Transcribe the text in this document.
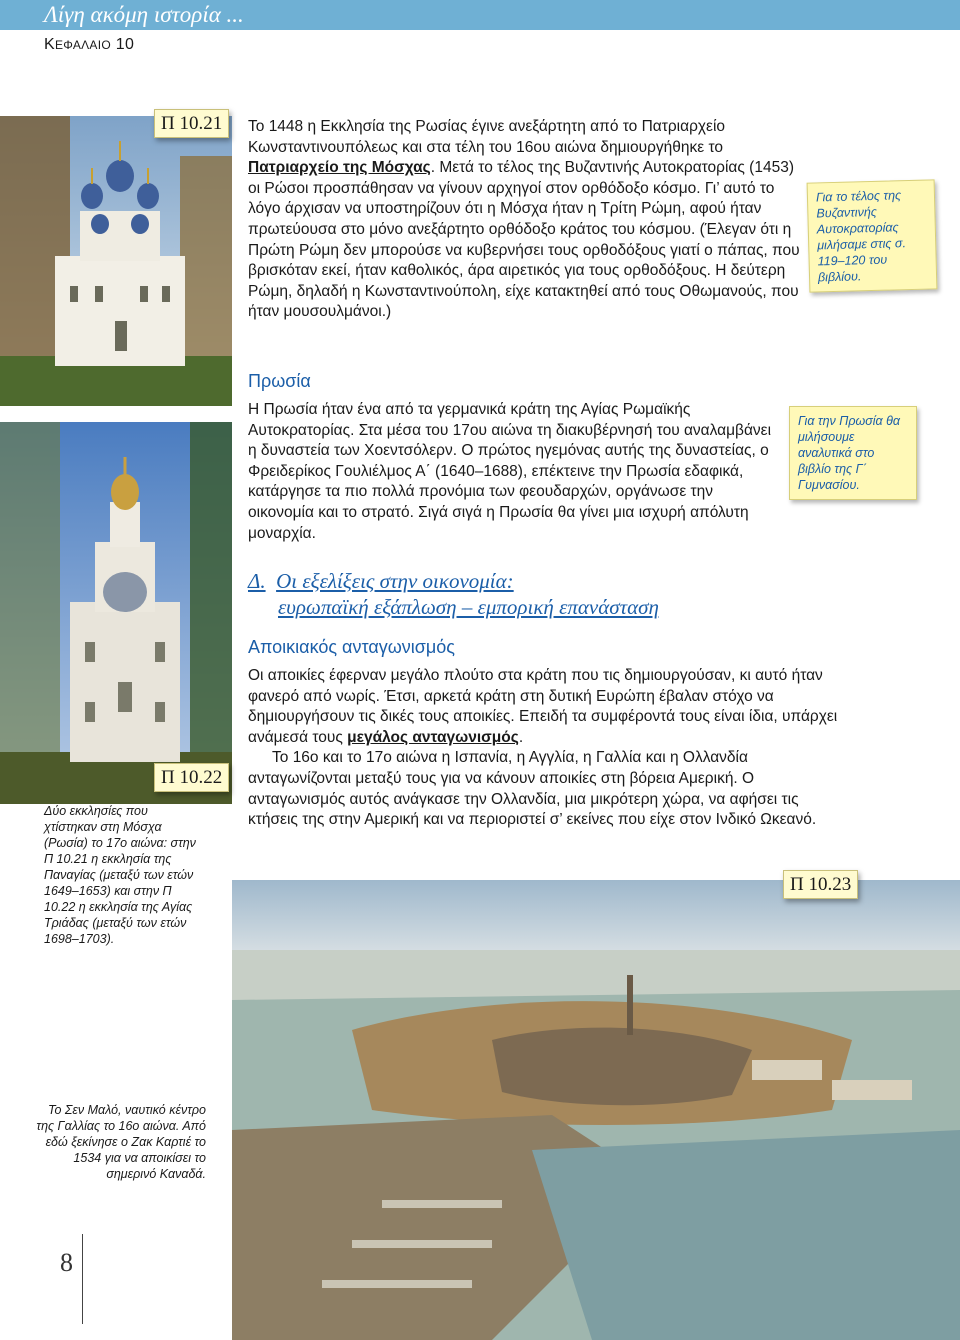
Λίγη ακόμη ιστορία ...
ΚΕΦΑΛΑΙΟ 10
Π 10.21
Π 10.22
Π 10.23
Το 1448 η Εκκλησία της Ρωσίας έγινε ανεξάρτητη από το Πατριαρχείο Κωνσταντινουπόλεως και στα τέλη του 16ου αιώνα δημιουργήθηκε το Πατριαρχείο της Μόσχας. Μετά το τέλος της Βυζαντινής Αυτοκρατορίας (1453) οι Ρώσοι προσπάθησαν να γίνουν αρχηγοί στον ορθόδοξο κόσμο. Γι’ αυτό το λόγο άρχισαν να υποστηρίζουν ότι η Μόσχα ήταν η Τρίτη Ρώμη, αφού ήταν πρωτεύουσα στο μόνο ανεξάρτητο ορθόδοξο κράτος του κόσμου. (Έλεγαν ότι η Πρώτη Ρώμη δεν μπορούσε να κυβερνήσει τους ορθοδόξους γιατί ο πάπας, που βρισκόταν εκεί, ήταν καθολικός, άρα αιρετικός για τους ορθοδόξους. Η δεύτερη Ρώμη, δηλαδή η Κωνσταντινούπολη, είχε κατακτηθεί από τους Οθωμανούς, που ήταν μουσουλμάνοι.)
Για το τέλος της Βυζαντινής Αυτοκρατορίας μιλήσαμε στις σ. 119–120 του βιβλίου.
Πρωσία
Η Πρωσία ήταν ένα από τα γερμανικά κράτη της Αγίας Ρωμαϊκής Αυτοκρατορίας. Στα μέσα του 17ου αιώνα τη διακυβέρνησή του αναλαμβάνει η δυναστεία των Χοεντσόλερν. Ο πρώτος ηγεμόνας αυτής της δυναστείας, ο Φρειδερίκος Γουλιέλμος Α΄ (1640–1688), επέκτεινε την Πρωσία εδαφικά, κατάργησε τα πιο πολλά προνόμια των φεουδαρχών, οργάνωσε την οικονομία και το στρατό. Σιγά σιγά η Πρωσία θα γίνει μια ισχυρή απόλυτη μοναρχία.
Για την Πρωσία θα μιλήσουμε αναλυτικά στο βιβλίο της Γ΄ Γυμνασίου.
Δ. Οι εξελίξεις στην οικονομία:
ευρωπαϊκή εξάπλωση – εμπορική επανάσταση
Αποικιακός ανταγωνισμός
Οι αποικίες έφερναν μεγάλο πλούτο στα κράτη που τις δημιουργούσαν, κι αυτό ήταν φανερό από νωρίς. Έτσι, αρκετά κράτη στη δυτική Ευρώπη έβαλαν στόχο να δημιουργήσουν τις δικές τους αποικίες. Επειδή τα συμφέροντά τους είναι ίδια, υπάρχει ανάμεσά τους μεγάλος ανταγωνισμός.
Το 16ο και το 17ο αιώνα η Ισπανία, η Αγγλία, η Γαλλία και η Ολλανδία ανταγωνίζονται μεταξύ τους για να κάνουν αποικίες στη βόρεια Αμερική. Ο ανταγωνισμός αυτός ανάγκασε την Ολλανδία, μια μικρότερη χώρα, να αφήσει τις κτήσεις της στην Αμερική και να περιοριστεί σ’ εκείνες που είχε στον Ινδικό Ωκεανό.
Δύο εκκλησίες που χτίστηκαν στη Μόσχα (Ρωσία) το 17ο αιώνα: στην Π 10.21 η εκκλησία της Παναγίας (μεταξύ των ετών 1649–1653) και στην Π 10.22 η εκκλησία της Αγίας Τριάδας (μεταξύ των ετών 1698–1703).
Το Σεν Μαλό, ναυτικό κέντρο της Γαλλίας το 16ο αιώνα. Από εδώ ξεκίνησε ο Ζακ Καρτιέ το 1534 για να αποικίσει το σημερινό Καναδά.
8
